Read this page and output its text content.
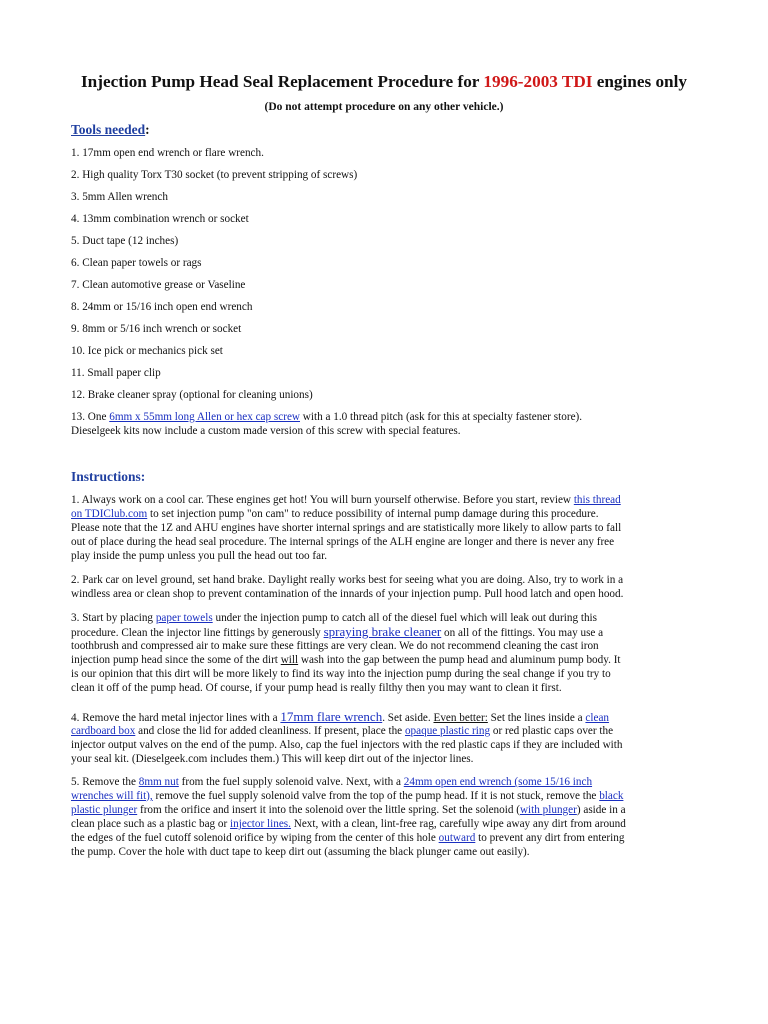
Injection Pump Head Seal Replacement Procedure for 1996-2003 TDI engines only
(Do not attempt procedure on any other vehicle.)
Tools needed:
1. 17mm open end wrench or flare wrench.
2. High quality Torx T30 socket (to prevent stripping of screws)
3. 5mm Allen wrench
4. 13mm combination wrench or socket
5. Duct tape (12 inches)
6. Clean paper towels or rags
7. Clean automotive grease or Vaseline
8. 24mm or 15/16 inch open end wrench
9. 8mm or 5/16 inch wrench or socket
10. Ice pick or mechanics pick set
11. Small paper clip
12. Brake cleaner spray (optional for cleaning unions)
13. One 6mm x 55mm long Allen or hex cap screw with a 1.0 thread pitch (ask for this at specialty fastener store).
Dieselgeek kits now include a custom made version of this screw with special features.
Instructions:
1. Always work on a cool car. These engines get hot! You will burn yourself otherwise. Before you start, review this thread
on TDIClub.com to set injection pump "on cam" to reduce possibility of internal pump damage during this procedure.
Please note that the 1Z and AHU engines have shorter internal springs and are statistically more likely to allow parts to fall
out of place during the head seal procedure. The internal springs of the ALH engine are longer and there is never any free
play inside the pump unless you pull the head out too far.
2. Park car on level ground, set hand brake. Daylight really works best for seeing what you are doing. Also, try to work in a
windless area or clean shop to prevent contamination of the innards of your injection pump. Pull hood latch and open hood.
3. Start by placing paper towels under the injection pump to catch all of the diesel fuel which will leak out during this
procedure. Clean the injector line fittings by generously spraying brake cleaner on all of the fittings. You may use a
toothbrush and compressed air to make sure these fittings are very clean. We do not recommend cleaning the cast iron
injection pump head since the some of the dirt will wash into the gap between the pump head and aluminum pump body. It
is our opinion that this dirt will be more likely to find its way into the injection pump during the seal change if you try to
clean it off of the pump head. Of course, if your pump head is really filthy then you may want to clean it first.
4. Remove the hard metal injector lines with a 17mm flare wrench. Set aside. Even better: Set the lines inside a clean
cardboard box and close the lid for added cleanliness. If present, place the opaque plastic ring or red plastic caps over the
injector output valves on the end of the pump. Also, cap the fuel injectors with the red plastic caps if they are included with
your seal kit. (Dieselgeek.com includes them.) This will keep dirt out of the injector lines.
5. Remove the 8mm nut from the fuel supply solenoid valve. Next, with a 24mm open end wrench (some 15/16 inch
wrenches will fit), remove the fuel supply solenoid valve from the top of the pump head. If it is not stuck, remove the black
plastic plunger from the orifice and insert it into the solenoid over the little spring. Set the solenoid (with plunger) aside in a
clean place such as a plastic bag or injector lines. Next, with a clean, lint-free rag, carefully wipe away any dirt from around
the edges of the fuel cutoff solenoid orifice by wiping from the center of this hole outward to prevent any dirt from entering
the pump. Cover the hole with duct tape to keep dirt out (assuming the black plunger came out easily).
